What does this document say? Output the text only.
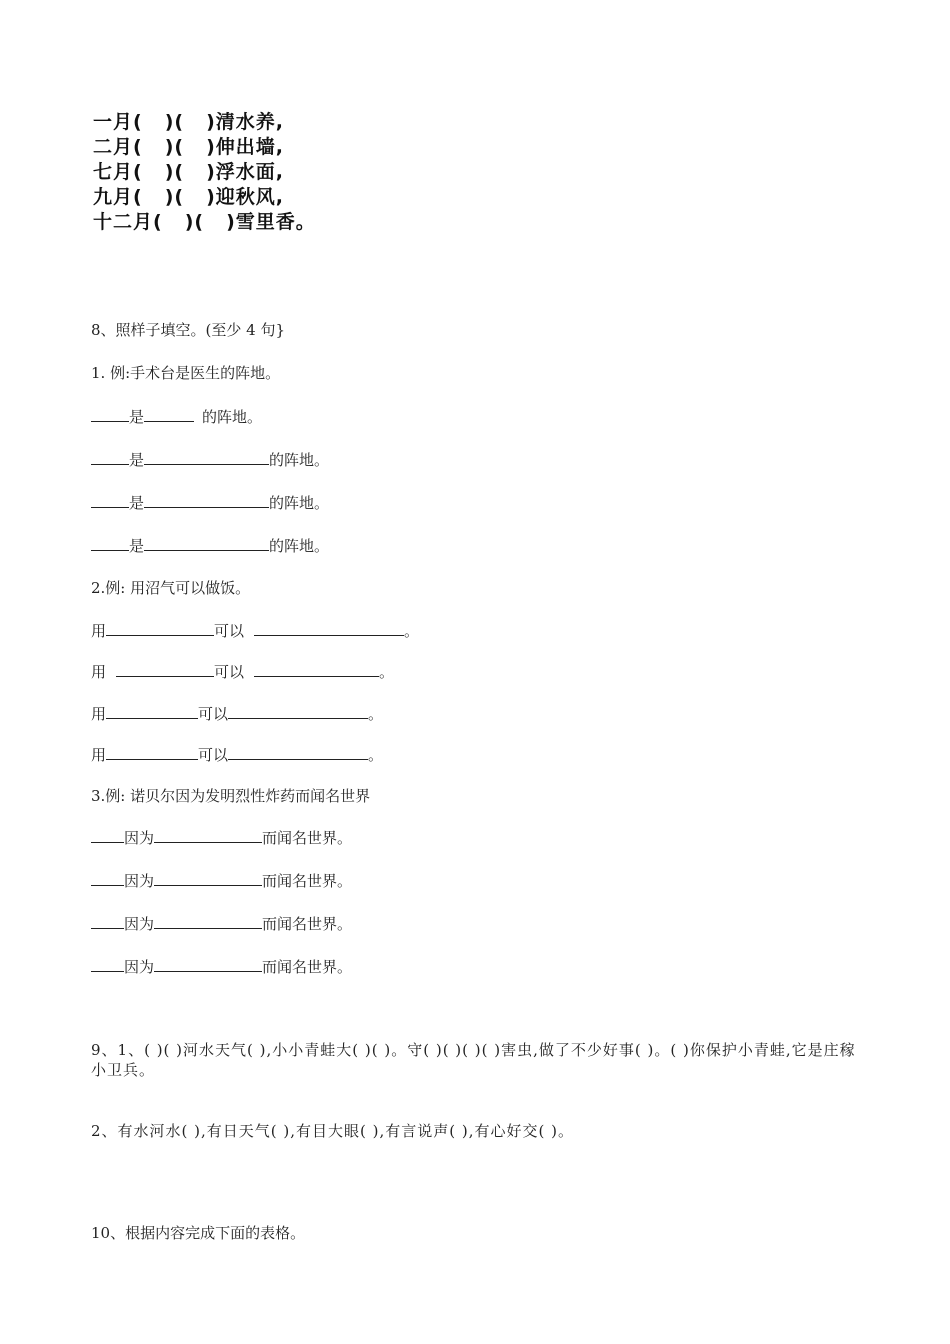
一月( )( )清水养,
二月( )( )伸出墙,
七月( )( )浮水面,
九月( )( )迎秋风,
十二月( )( )雪里香。
8、照样子填空。(至少 4 句}
1. 例:手术台是医生的阵地。
是	的阵地。
是	的阵地。
是	的阵地。
是	的阵地。
2.例: 用沼气可以做饭。
用	可以	。
用	可以	。
用	可以	。
用	可以	。
3.例: 诺贝尔因为发明烈性炸药而闻名世界
因为	而闻名世界。
因为	而闻名世界。
因为	而闻名世界。
因为	而闻名世界。
9、1、( )( )河水天气( ),小小青蛙大( )( )。守( )( )( )( )害虫,做了不少好事( )。( )你保护小青蛙,它是庄稼小卫兵。
2、有水河水( ),有日天气( ),有目大眼( ),有言说声( ),有心好交( )。
10、根据内容完成下面的表格。
